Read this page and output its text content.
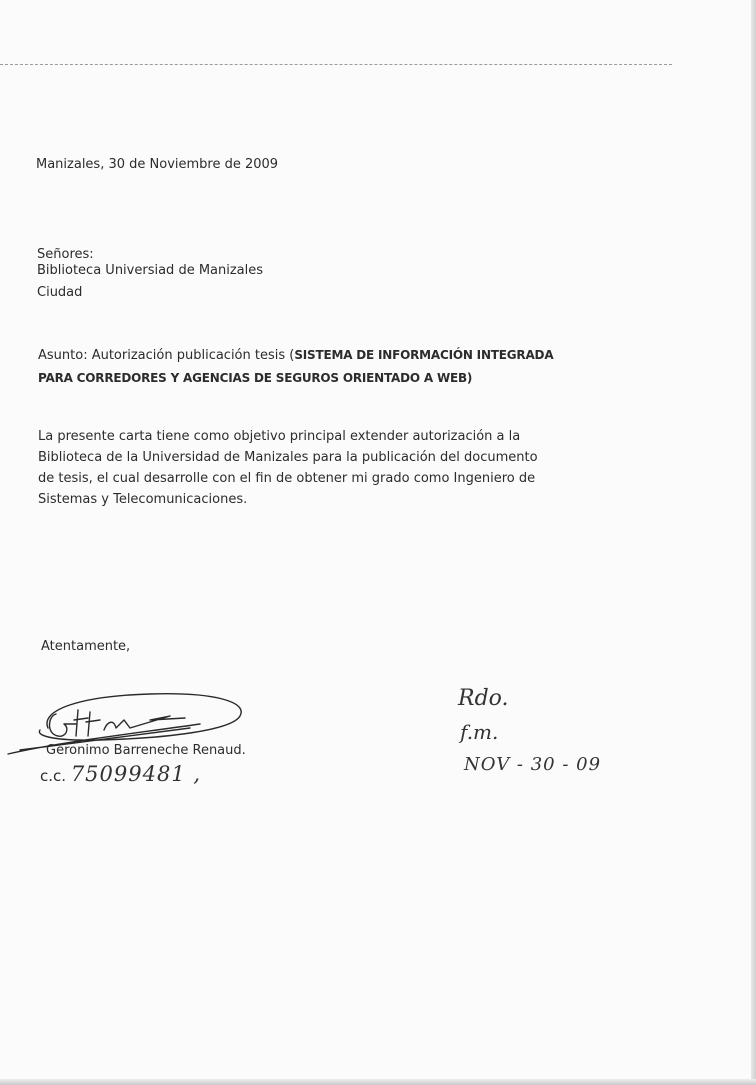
Manizales, 30 de Noviembre de 2009
Señores:
Biblioteca Universiad de Manizales
Ciudad
Asunto: Autorización publicación tesis (SISTEMA DE INFORMACIÓN INTEGRADA
PARA CORREDORES Y AGENCIAS DE SEGUROS ORIENTADO A WEB)
La presente carta tiene como objetivo principal extender autorización a la
Biblioteca de la Universidad de Manizales para la publicación del documento
de tesis, el cual desarrolle con el fin de obtener mi grado como Ingeniero de
Sistemas y Telecomunicaciones.
Atentamente,
Geronimo Barreneche Renaud.
c.c. 75099481 ,
Rdo.
f.m.
NOV - 30 - 09
